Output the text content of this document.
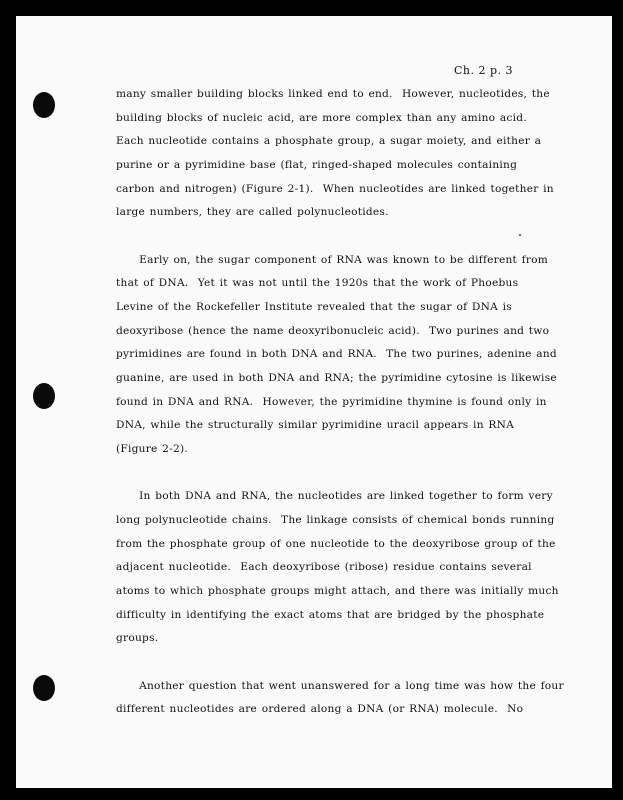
Ch. 2 p. 3
many smaller building blocks linked end to end.  However, nucleotides, the
building blocks of nucleic acid, are more complex than any amino acid.
Each nucleotide contains a phosphate group, a sugar moiety, and either a
purine or a pyrimidine base (flat, ringed-shaped molecules containing
carbon and nitrogen) (Figure 2-1).  When nucleotides are linked together in
large numbers, they are called polynucleotides.
Early on, the sugar component of RNA was known to be different from
that of DNA.  Yet it was not until the 1920s that the work of Phoebus
Levine of the Rockefeller Institute revealed that the sugar of DNA is
deoxyribose (hence the name deoxyribonucleic acid).  Two purines and two
pyrimidines are found in both DNA and RNA.  The two purines, adenine and
guanine, are used in both DNA and RNA; the pyrimidine cytosine is likewise
found in DNA and RNA.  However, the pyrimidine thymine is found only in
DNA, while the structurally similar pyrimidine uracil appears in RNA
(Figure 2-2).
In both DNA and RNA, the nucleotides are linked together to form very
long polynucleotide chains.  The linkage consists of chemical bonds running
from the phosphate group of one nucleotide to the deoxyribose group of the
adjacent nucleotide.  Each deoxyribose (ribose) residue contains several
atoms to which phosphate groups might attach, and there was initially much
difficulty in identifying the exact atoms that are bridged by the phosphate
groups.
Another question that went unanswered for a long time was how the four
different nucleotides are ordered along a DNA (or RNA) molecule.  No
